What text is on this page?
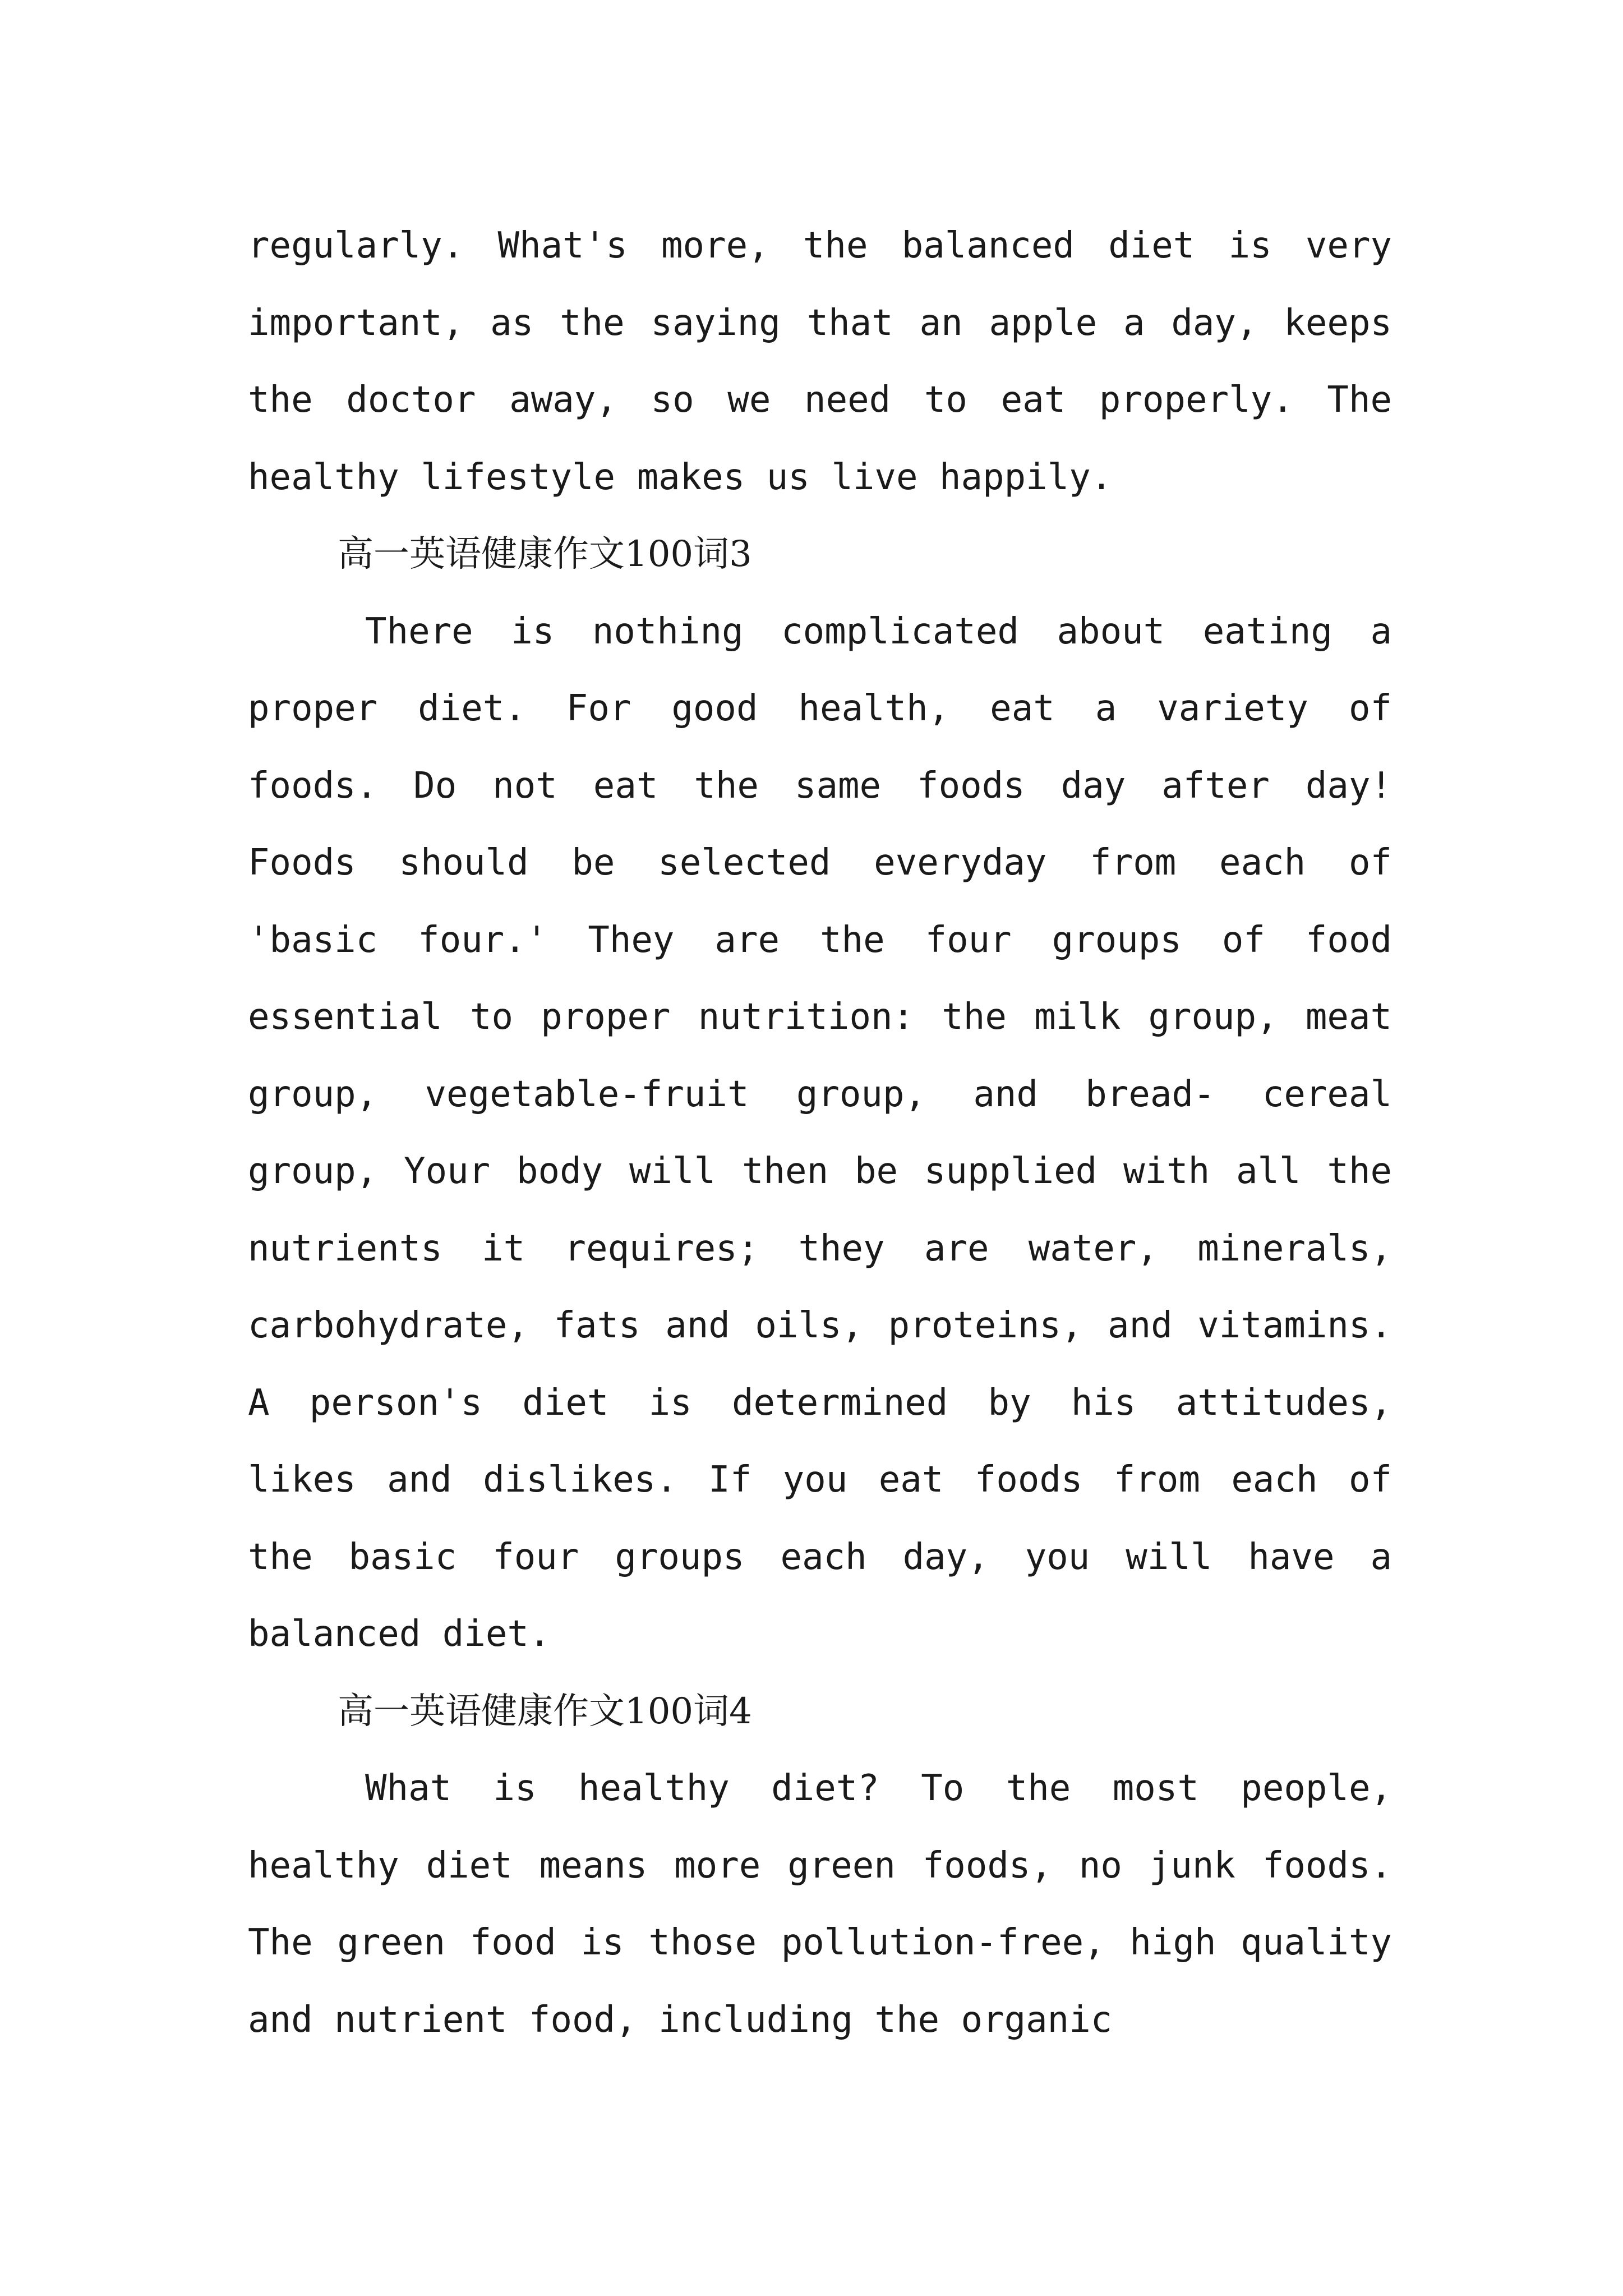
regularly. What's more, the balanced diet is very important, as the saying that an apple a day, keeps the doctor away, so we need to eat properly. The healthy lifestyle makes us live happily.

高一英语健康作文100词3

There is nothing complicated about eating a proper diet. For good health, eat a variety of foods. Do not eat the same foods day after day! Foods should be selected everyday from each of 'basic four.' They are the four groups of food essential to proper nutrition: the milk group, meat group, vegetable-fruit group, and bread- cereal group, Your body will then be supplied with all the nutrients it requires; they are water, minerals, carbohydrate, fats and oils, proteins, and vitamins. A person's diet is determined by his attitudes, likes and dislikes. If you eat foods from each of the basic four groups each day, you will have a balanced diet.

高一英语健康作文100词4

What is healthy diet? To the most people, healthy diet means more green foods, no junk foods. The green food is those pollution-free, high quality and nutrient food, including the organic
